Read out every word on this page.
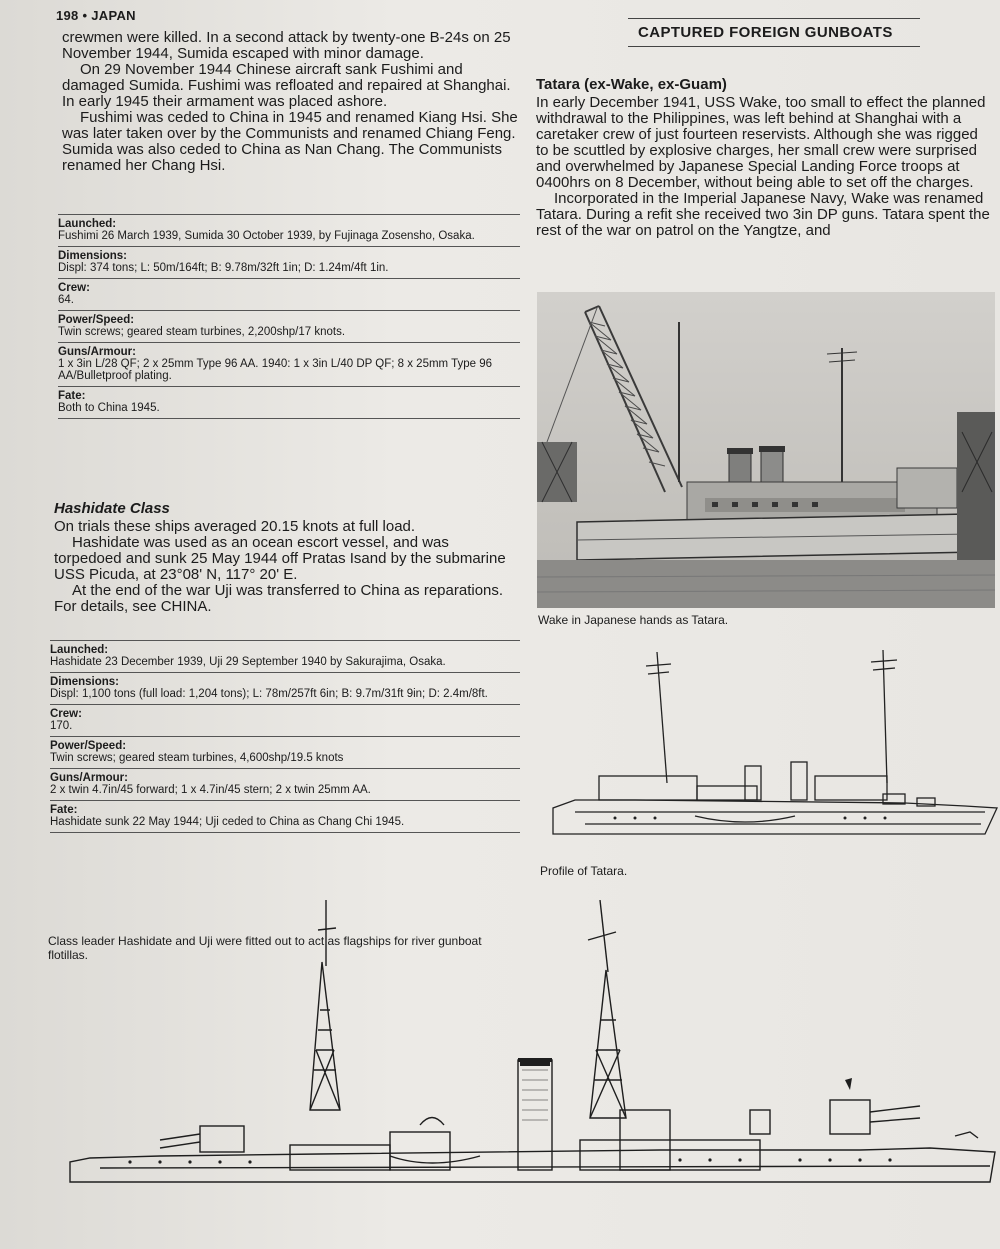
198 • JAPAN
CAPTURED FOREIGN GUNBOATS

crewmen were killed. In a second attack by twenty-one B-24s on 25 November 1944, Sumida escaped with minor damage.

On 29 November 1944 Chinese aircraft sank Fushimi and damaged Sumida. Fushimi was refloated and repaired at Shanghai. In early 1945 their armament was placed ashore.

Fushimi was ceded to China in 1945 and renamed Kiang Hsi. She was later taken over by the Communists and renamed Chiang Feng. Sumida was also ceded to China as Nan Chang. The Communists renamed her Chang Hsi.

Launched:
Fushimi 26 March 1939, Sumida 30 October 1939, by Fujinaga Zosensho, Osaka.
Dimensions:
Displ: 374 tons; L: 50m/164ft; B: 9.78m/32ft 1in; D: 1.24m/4ft 1in.
Crew:
64.
Power/Speed:
Twin screws; geared steam turbines, 2,200shp/17 knots.
Guns/Armour:
1 x 3in L/28 QF; 2 x 25mm Type 96 AA. 1940: 1 x 3in L/40 DP QF; 8 x 25mm Type 96 AA/Bulletproof plating.
Fate:
Both to China 1945.
Hashidate Class

On trials these ships averaged 20.15 knots at full load.

Hashidate was used as an ocean escort vessel, and was torpedoed and sunk 25 May 1944 off Pratas Isand by the submarine USS Picuda, at 23°08' N, 117° 20' E.

At the end of the war Uji was transferred to China as reparations. For details, see CHINA.

Launched:
Hashidate 23 December 1939, Uji 29 September 1940 by Sakurajima, Osaka.
Dimensions:
Displ: 1,100 tons (full load: 1,204 tons); L: 78m/257ft 6in; B: 9.7m/31ft 9in; D: 2.4m/8ft.
Crew:
170.
Power/Speed:
Twin screws; geared steam turbines, 4,600shp/19.5 knots
Guns/Armour:
2 x twin 4.7in/45 forward; 1 x 4.7in/45 stern; 2 x twin 25mm AA.
Fate:
Hashidate sunk 22 May 1944; Uji ceded to China as Chang Chi 1945.
Class leader Hashidate and Uji were fitted out to act as flagships for river gunboat flotillas.
Tatara (ex-Wake, ex-Guam)

In early December 1941, USS Wake, too small to effect the planned withdrawal to the Philippines, was left behind at Shanghai with a caretaker crew of just fourteen reservists. Although she was rigged to be scuttled by explosive charges, her small crew were surprised and overwhelmed by Japanese Special Landing Force troops at 0400hrs on 8 December, without being able to set off the charges.

Incorporated in the Imperial Japanese Navy, Wake was renamed Tatara. During a refit she received two 3in DP guns. Tatara spent the rest of the war on patrol on the Yangtze, and

Wake in Japanese hands as Tatara.
Profile of Tatara.
